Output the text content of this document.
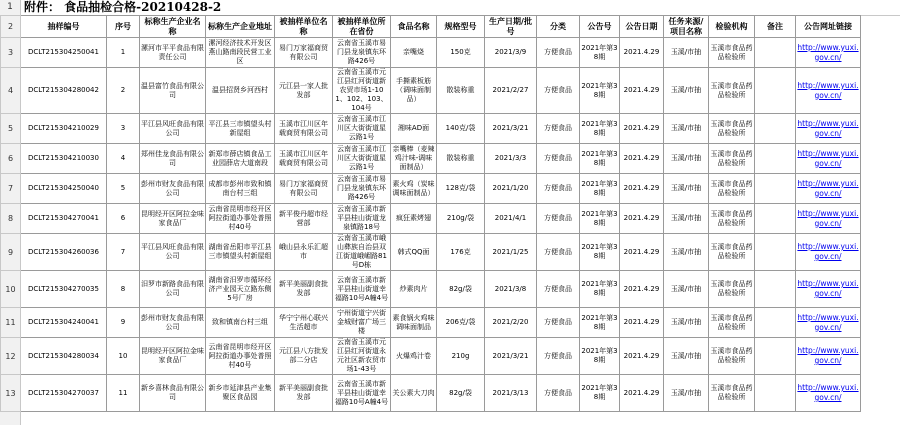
1 附件： 食品抽检合格-20210428-2
2	抽样编号	序号	标称生产企业名称	标称生产企业地址	被抽样单位名称	被抽样单位所在省份	食品名称	规格型号	生产日期/批号	分类	公告号	公告日期	任务来源/项目名称	检验机构	备注	公告网址链接
3	DCLT215304250041	1	漯河市平平食品有限责任公司	漯河经济技术开发区燕山路南段民营工业区	易门万家福商贸有限公司	云南省玉溪市易门县龙泉镇东环路426号	亲嘴烧	150克	2021/3/9	方便食品	2021年第38期	2021.4.29	玉溪/市抽	玉溪市食品药品检验所		http://www.yuxi.gov.cn/
4	DCLT215304280042	2	温县富竹食品有限公司	温县招贤乡河西村	元江县一家人批发部	云南省玉溪市元江县红河街道新农贸市场1-101、102、103、104号	手撕素板筋（调味面制品）	散装称重	2021/2/27	方便食品	2021年第38期	2021.4.29	玉溪/市抽	玉溪市食品药品检验所		http://www.yuxi.gov.cn/
5	DCLT215304210029	3	平江县风旺食品有限公司	平江县三市镇望头村新屋组	玉溪市江川区年载商贸有限公司	云南省玉溪市江川区大街街道星云路1号	湘味AD面	140克/袋	2021/3/21	方便食品	2021年第38期	2021.4.29	玉溪/市抽	玉溪市食品药品检验所		http://www.yuxi.gov.cn/
6	DCLT215304210030	4	郑州佳龙食品有限公司	新郑市薛店镇食品工业园薛店大道南段	玉溪市江川区年载商贸有限公司	云南省玉溪市江川区大街街道星云路1号	亲嘴棒（麦辣鸡汁味-调味面制品）	散装称重	2021/3/3	方便食品	2021年第38期	2021.4.29	玉溪/市抽	玉溪市食品药品检验所		http://www.yuxi.gov.cn/
7	DCLT215304250040	5	彭州市财友食品有限公司	成都市彭州市致和镇南台村三组	易门万家福商贸有限公司	云南省玉溪市易门县龙泉镇东环路426号	素火鸡（炭味调味面制品）	128克/袋	2021/1/20	方便食品	2021年第38期	2021.4.29	玉溪/市抽	玉溪市食品药品检验所		http://www.yuxi.gov.cn/
8	DCLT215304270041	6	昆明经开区阿拉金味家食品厂	云南省昆明市经开区阿拉街道办事处普照村40号	新平俊丹超市经营部	云南省玉溪市新平县桂山街道龙泉镇路18号	疯狂素烤翅	210g/袋	2021/4/1	方便食品	2021年第38期	2021.4.29	玉溪/市抽	玉溪市食品药品检验所		http://www.yuxi.gov.cn/
9	DCLT215304260036	7	平江县风旺食品有限公司	湖南省岳阳市平江县三市镇望头村新屋组	峨山县永乐汇超市	云南省玉溪市峨山彝族自治县双江街道峨嵋路81号D栋	韩式QQ面	176克	2021/1/25	方便食品	2021年第38期	2021.4.29	玉溪/市抽	玉溪市食品药品检验所		http://www.yuxi.gov.cn/
10	DCLT215304270035	8	汨罗市新路食品有限公司	湖南省汨罗市循环经济产业园天立路东侧5号厂房	新平美丽副食批发部	云南省玉溪市新平县桂山街道幸福路10号A幢4号	炒素肉片	82g/袋	2021/3/8	方便食品	2021年第38期	2021.4.29	玉溪/市抽	玉溪市食品药品检验所		http://www.yuxi.gov.cn/
11	DCLT215304240041	9	彭州市财友食品有限公司	致和镇南台村三组	华宁宁州心联兴生活超市	宁州街道宁兴街金城财富广场三楼	素食锅火鸡味调味面制品	206克/袋	2021/2/20	方便食品	2021年第38期	2021.4.29	玉溪/市抽	玉溪市食品药品检验所		http://www.yuxi.gov.cn/
12	DCLT215304280034	10	昆明经开区阿拉金味家食品厂	云南省昆明市经开区阿拉街道办事处普照村40号	元江县八方批发部二分店	云南省玉溪市元江县红河街道永元社区新农贸市场1-43号	火爆鸡汁卷	210g	2021/3/21	方便食品	2021年第38期	2021.4.29	玉溪/市抽	玉溪市食品药品检验所		http://www.yuxi.gov.cn/
13	DCLT215304270037	11	新乡喜林食品有限公司	新乡市延津县产业集聚区食品园	新平美丽副食批发部	云南省玉溪市新平县桂山街道幸福路10号A幢4号	关公素大刀肉	82g/袋	2021/3/13	方便食品	2021年第38期	2021.4.29	玉溪/市抽	玉溪市食品药品检验所		http://www.yuxi.gov.cn/
